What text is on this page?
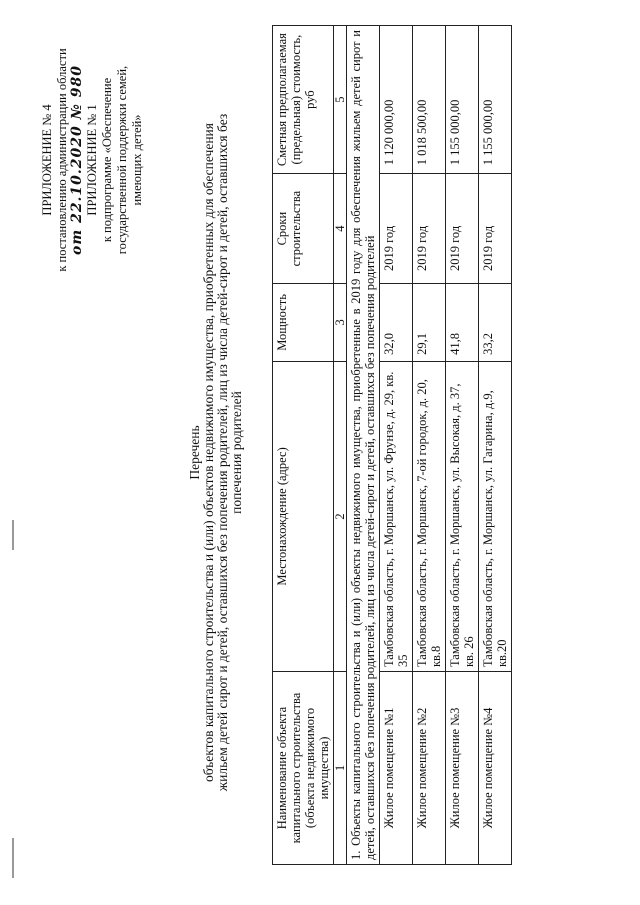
ПРИЛОЖЕНИЕ № 4 к постановлению администрации области от 22.10.2020 № 980 ПРИЛОЖЕНИЕ № 1 к подпрограмме «Обеспечение государственной поддержки семей, имеющих детей»
Перечень объектов капитального строительства и (или) объектов недвижимого имущества, приобретенных для обеспечения жильем детей сирот и детей, оставшихся без попечения родителей, лиц из числа детей-сирот и детей, оставшихся без попечения родителей
Наименование объекта капитального строительства (объекта недвижимого имущества)	Местонахождение (адрес)	Мощность	Сроки строительства	Сметная предполагаемая (предельная) стоимость, руб
1	2	3	4	5
1. Объекты капитального строительства и (или) объекты недвижимого имущества, приобретенные в 2019 году для обеспечения жильем детей сирот и детей, оставшихся без попечения родителей, лиц из числа детей-сирот и детей, оставшихся без попечения родителей				
Жилое помещение №1	Тамбовская область, г. Моршанск, ул. Фрунзе, д. 29, кв. 35	32,0	2019 год	1 120 000,00
Жилое помещение №2	Тамбовская область, г. Моршанск, 7-ой городок, д. 20, кв.8	29,1	2019 год	1 018 500,00
Жилое помещение №3	Тамбовская область, г. Моршанск, ул. Высокая, д. 37, кв. 26	41,8	2019 год	1 155 000,00
Жилое помещение №4	Тамбовская область, г. Моршанск, ул. Гагарина, д.9, кв.20	33,2	2019 год	1 155 000,00
